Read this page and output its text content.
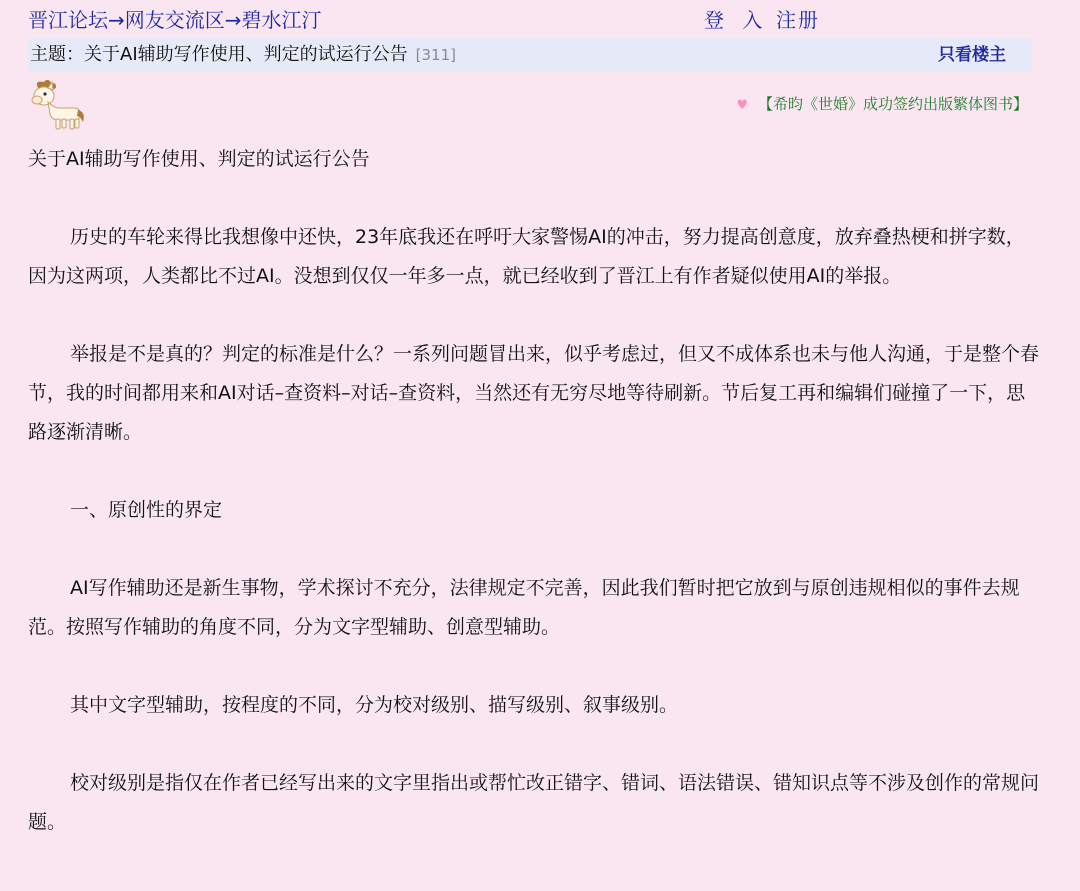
晋江论坛→网友交流区→碧水江汀	登 入 注册
主题：关于AI辅助写作使用、判定的试运行公告 [311]	只看楼主
♥ 【希昀《世婚》成功签约出版繁体图书】

关于AI辅助写作使用、判定的试运行公告

历史的车轮来得比我想像中还快，23年底我还在呼吁大家警惕AI的冲击，努力提高创意度，放弃叠热梗和拼字数，因为这两项，人类都比不过AI。没想到仅仅一年多一点，就已经收到了晋江上有作者疑似使用AI的举报。

举报是不是真的？判定的标准是什么？一系列问题冒出来，似乎考虑过，但又不成体系也未与他人沟通，于是整个春节，我的时间都用来和AI对话–查资料–对话–查资料，当然还有无穷尽地等待刷新。节后复工再和编辑们碰撞了一下，思路逐渐清晰。

一、原创性的界定

AI写作辅助还是新生事物，学术探讨不充分，法律规定不完善，因此我们暂时把它放到与原创违规相似的事件去规范。按照写作辅助的角度不同，分为文字型辅助、创意型辅助。

其中文字型辅助，按程度的不同，分为校对级别、描写级别、叙事级别。

校对级别是指仅在作者已经写出来的文字里指出或帮忙改正错字、错词、语法错误、错知识点等不涉及创作的常规问题。
